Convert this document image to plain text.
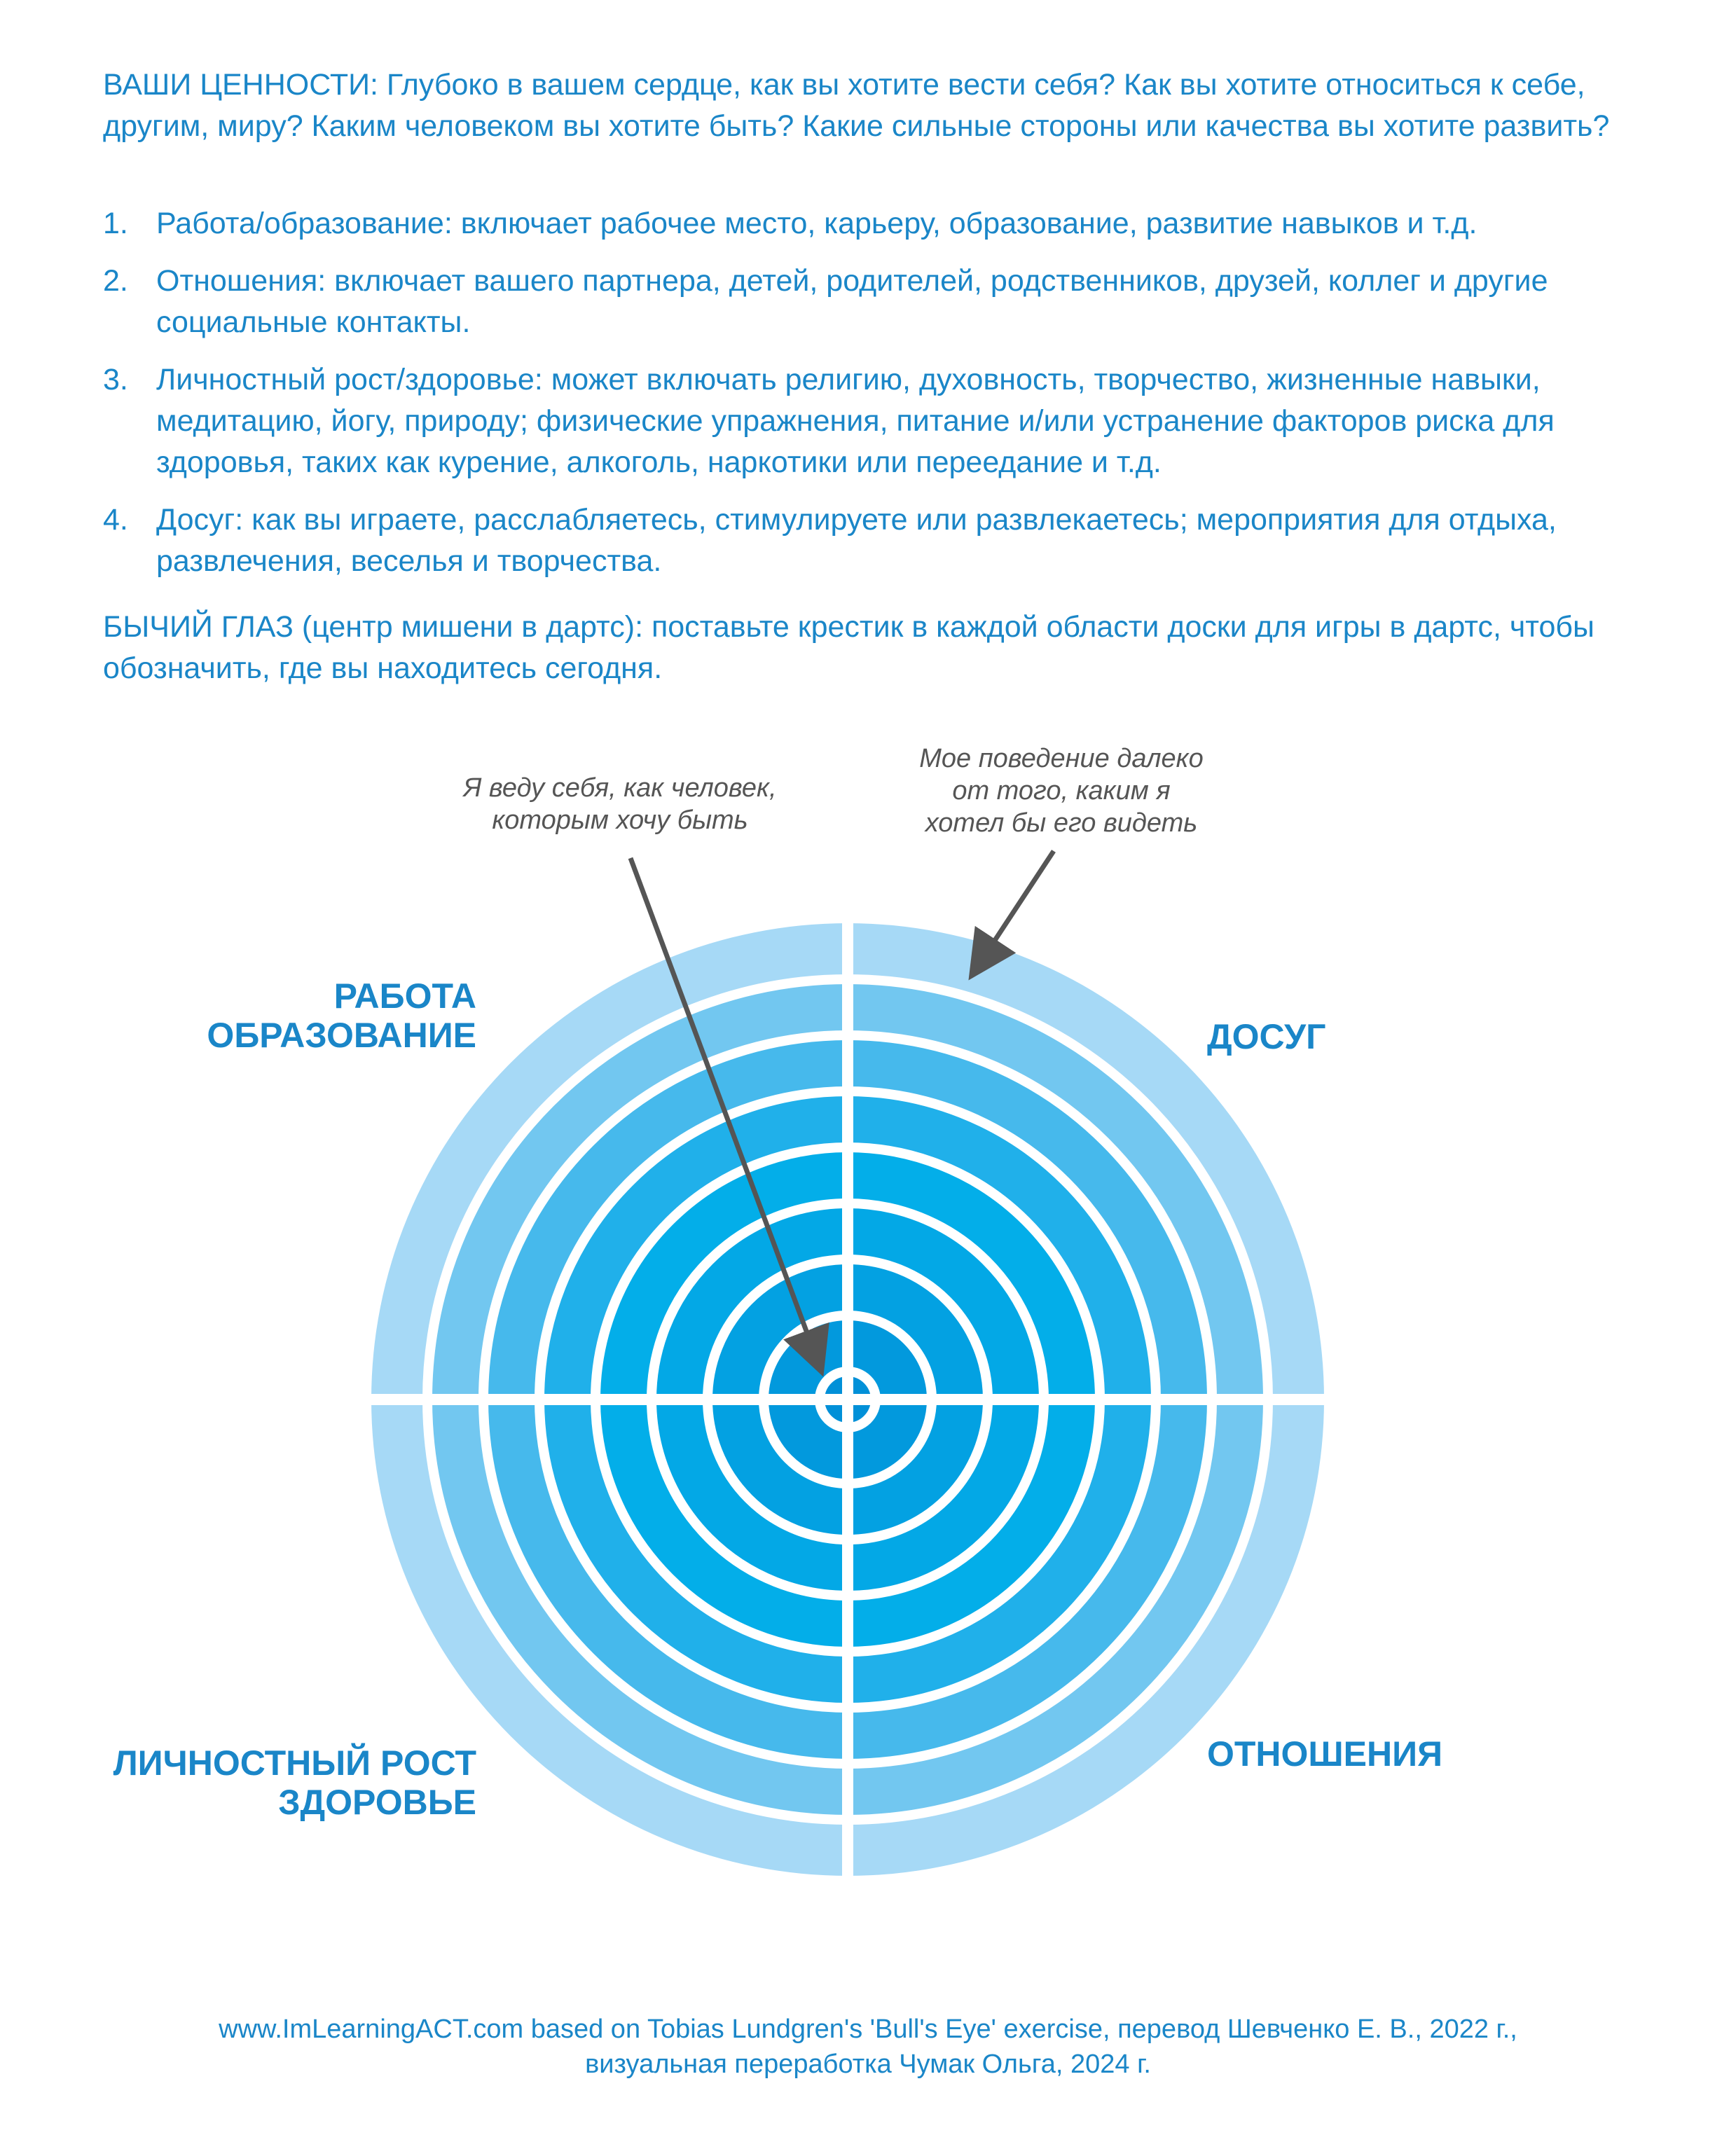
ВАШИ ЦЕННОСТИ: Глубоко в вашем сердце, как вы хотите вести себя? Как вы хотите относиться к себе, другим, миру? Каким человеком вы хотите быть? Какие сильные стороны или качества вы хотите развить?

1. Работа/образование: включает рабочее место, карьеру, образование, развитие навыков и т.д.
2. Отношения: включает вашего партнера, детей, родителей, родственников, друзей, коллег и другие социальные контакты.
3. Личностный рост/здоровье: может включать религию, духовность, творчество, жизненные навыки, медитацию, йогу, природу; физические упражнения, питание и/или устранение факторов риска для здоровья, таких как курение, алкоголь, наркотики или переедание и т.д.
4. Досуг: как вы играете, расслабляетесь, стимулируете или развлекаетесь; мероприятия для отдыха, развлечения, веселья и творчества.

БЫЧИЙ ГЛАЗ (центр мишени в дартс): поставьте крестик в каждой области доски для игры в дартс, чтобы обозначить, где вы находитесь сегодня.

Я веду себя, как человек,
которым хочу быть
Мое поведение далеко
от того, каким я
хотел бы его видеть
РАБОТА
ОБРАЗОВАНИЕ	ДОСУГ
ЛИЧНОСТНЫЙ РОСТ
ЗДОРОВЬЕ
ОТНОШЕНИЯ
www.ImLearningACT.com based on Tobias Lundgren's 'Bull's Eye' exercise, перевод Шевченко Е. В., 2022 г.,
визуальная переработка Чумак Ольга, 2024 г.
